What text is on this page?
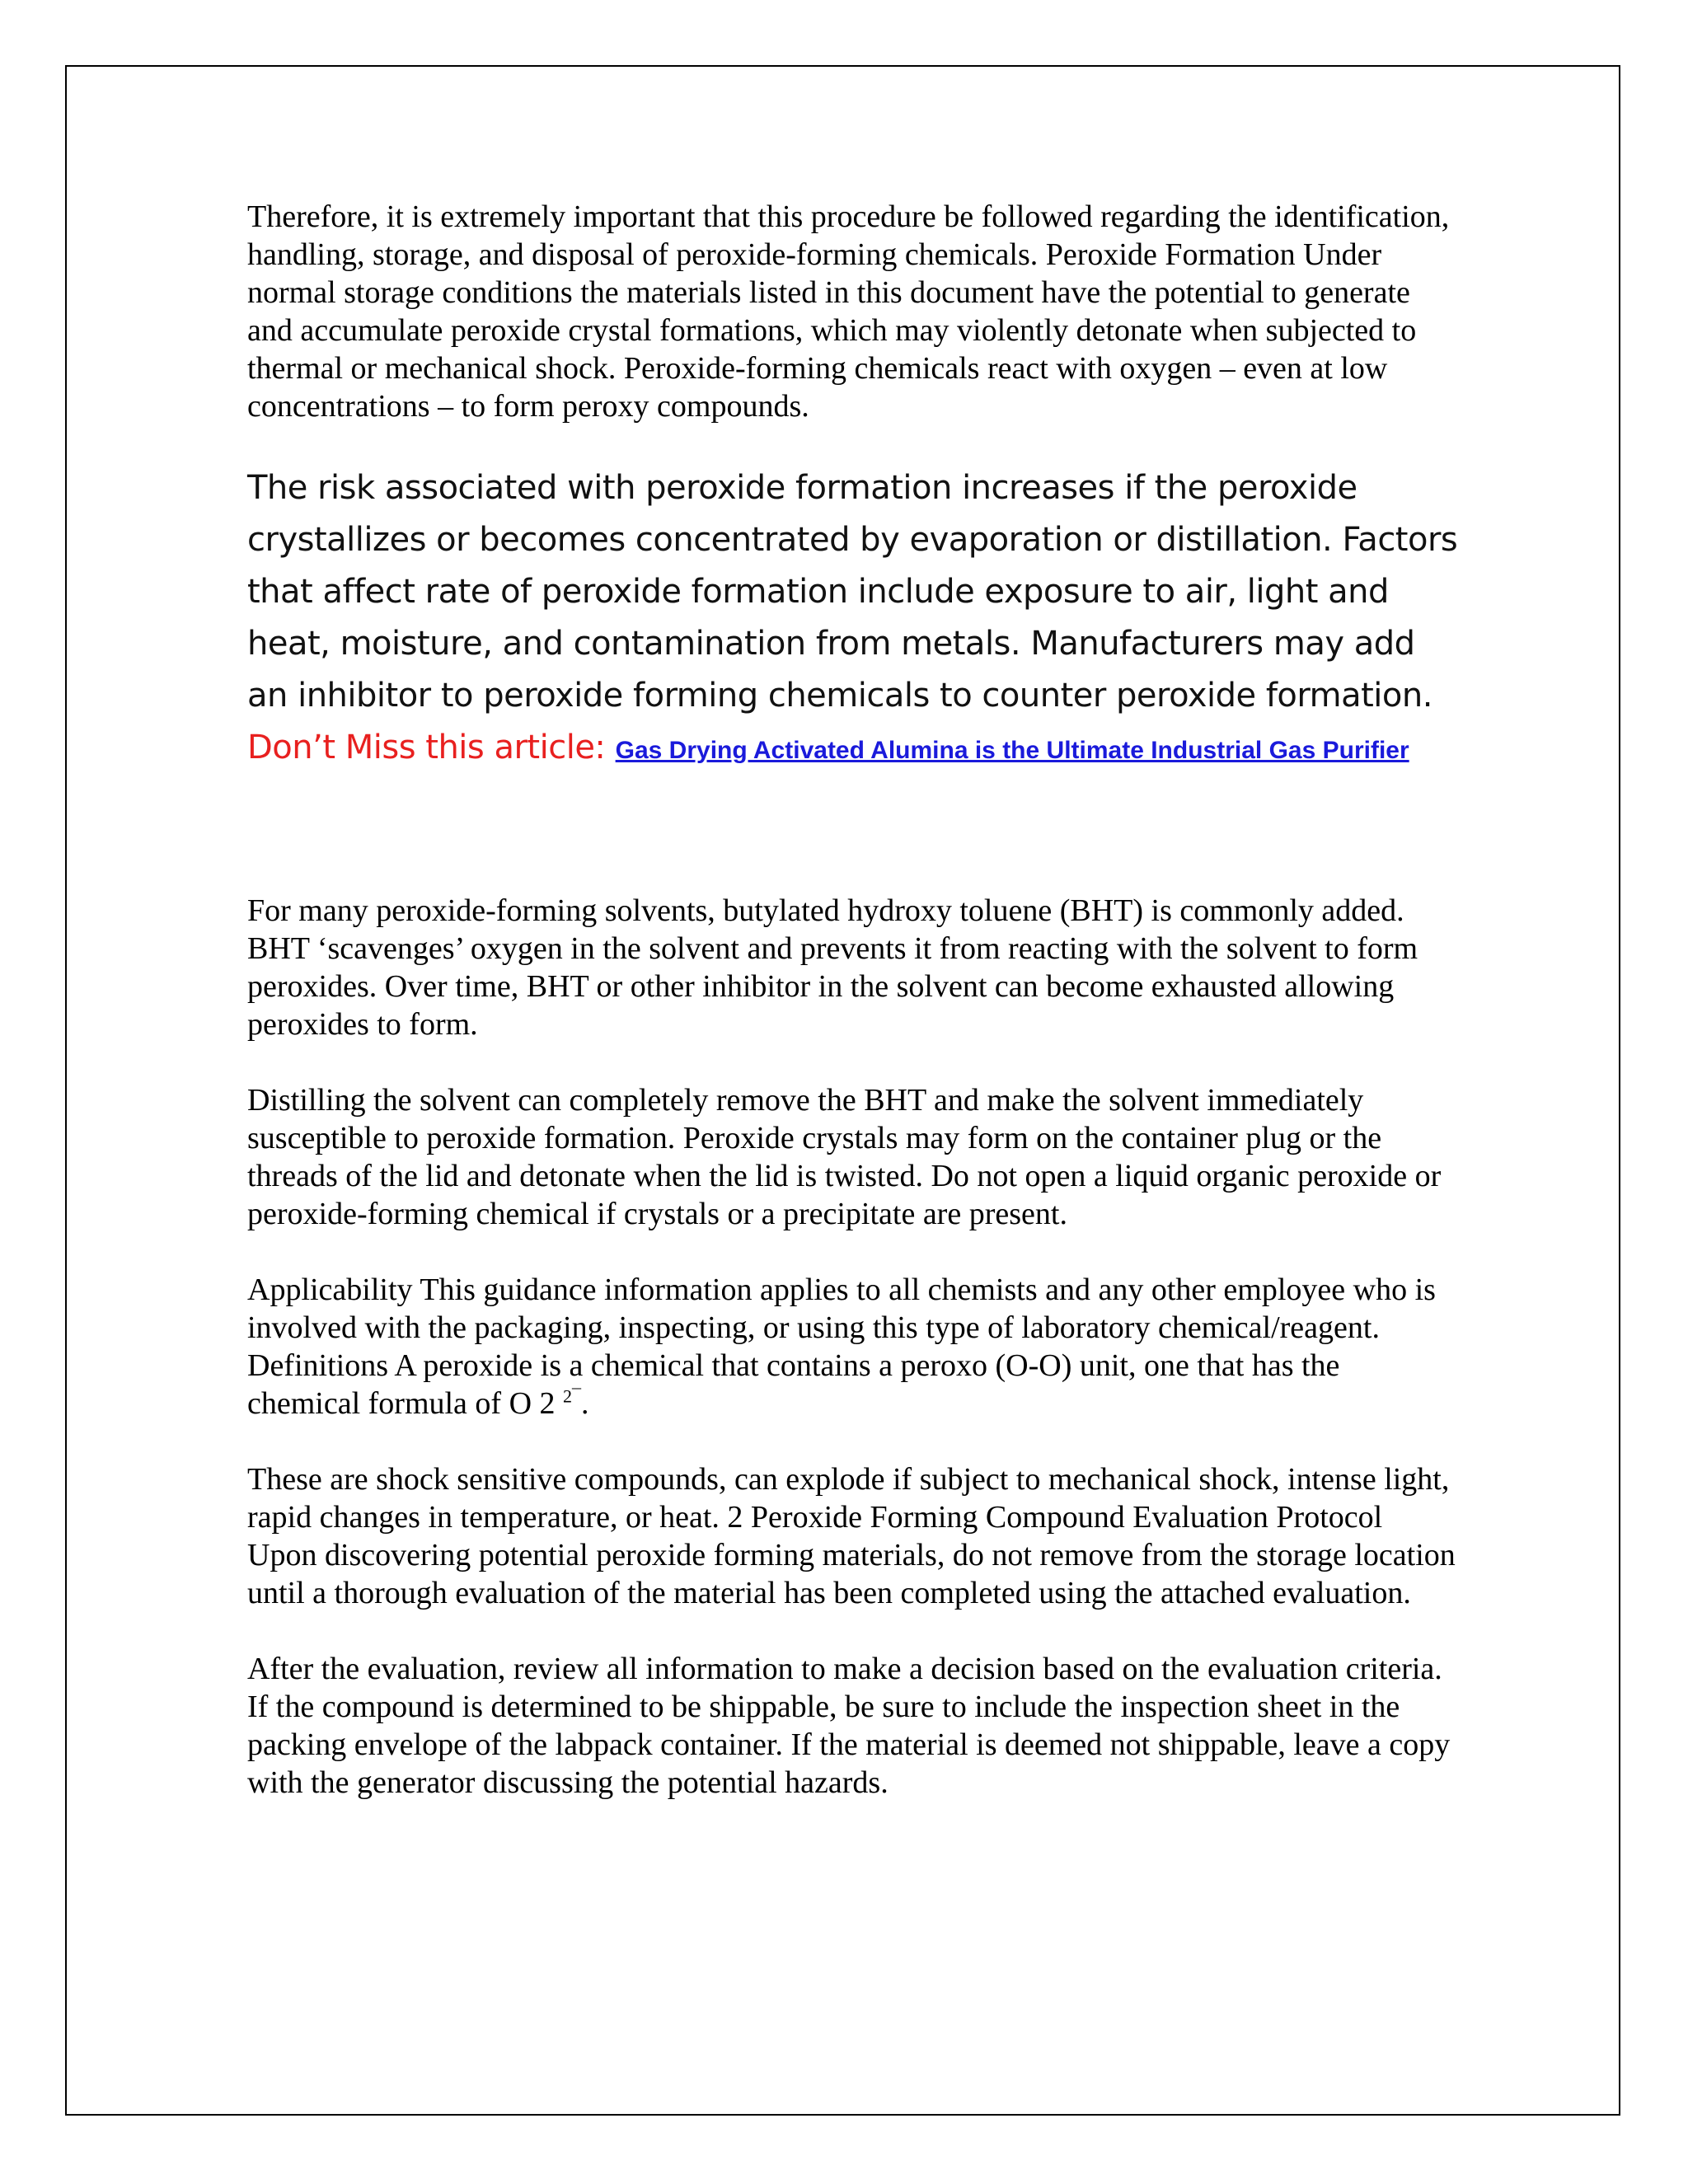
Therefore, it is extremely important that this procedure be followed regarding the identification, handling, storage, and disposal of peroxide-forming chemicals. Peroxide Formation Under normal storage conditions the materials listed in this document have the potential to generate and accumulate peroxide crystal formations, which may violently detonate when subjected to thermal or mechanical shock. Peroxide-forming chemicals react with oxygen – even at low concentrations – to form peroxy compounds.

The risk associated with peroxide formation increases if the peroxide crystallizes or becomes concentrated by evaporation or distillation. Factors that affect rate of peroxide formation include exposure to air, light and heat, moisture, and contamination from metals. Manufacturers may add an inhibitor to peroxide forming chemicals to counter peroxide formation. Don’t Miss this article: Gas Drying Activated Alumina is the Ultimate Industrial Gas Purifier

For many peroxide-forming solvents, butylated hydroxy toluene (BHT) is commonly added. BHT ‘scavenges’ oxygen in the solvent and prevents it from reacting with the solvent to form peroxides. Over time, BHT or other inhibitor in the solvent can become exhausted allowing peroxides to form.

Distilling the solvent can completely remove the BHT and make the solvent immediately susceptible to peroxide formation. Peroxide crystals may form on the container plug or the threads of the lid and detonate when the lid is twisted. Do not open a liquid organic peroxide or peroxide-forming chemical if crystals or a precipitate are present.

Applicability This guidance information applies to all chemists and any other employee who is involved with the packaging, inspecting, or using this type of laboratory chemical/reagent. Definitions A peroxide is a chemical that contains a peroxo (O-O) unit, one that has the chemical formula of O 2 $^{2¯}$.

These are shock sensitive compounds, can explode if subject to mechanical shock, intense light, rapid changes in temperature, or heat. 2 Peroxide Forming Compound Evaluation Protocol Upon discovering potential peroxide forming materials, do not remove from the storage location until a thorough evaluation of the material has been completed using the attached evaluation.

After the evaluation, review all information to make a decision based on the evaluation criteria. If the compound is determined to be shippable, be sure to include the inspection sheet in the packing envelope of the labpack container. If the material is deemed not shippable, leave a copy with the generator discussing the potential hazards.
